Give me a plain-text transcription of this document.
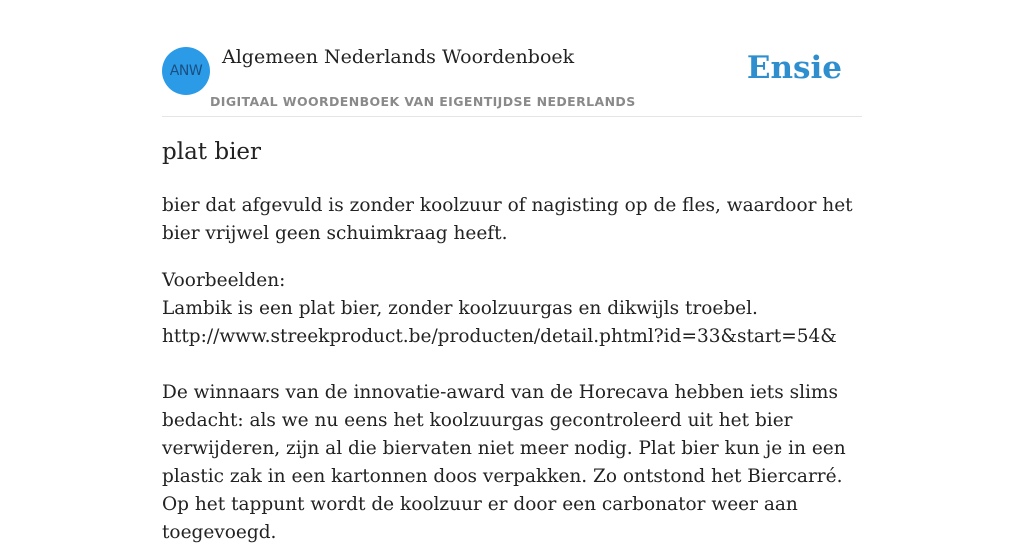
ANW
Algemeen Nederlands Woordenboek
DIGITAAL WOORDENBOEK VAN EIGENTIJDSE NEDERLANDS
Ensie
plat bier

bier dat afgevuld is zonder koolzuur of nagisting op de fles, waardoor het bier vrijwel geen schuimkraag heeft.

Voorbeelden:
Lambik is een plat bier, zonder koolzuurgas en dikwijls troebel.
http://www.streekproduct.be/producten/detail.phtml?id=33&start=54&
De winnaars van de innovatie-award van de Horecava hebben iets slims bedacht: als we nu eens het koolzuurgas gecontroleerd uit het bier verwijderen, zijn al die biervaten niet meer nodig. Plat bier kun je in een plastic zak in een kartonnen doos verpakken. Zo ontstond het Biercarré. Op het tappunt wordt de koolzuur er door een carbonator weer aan toegevoegd.
